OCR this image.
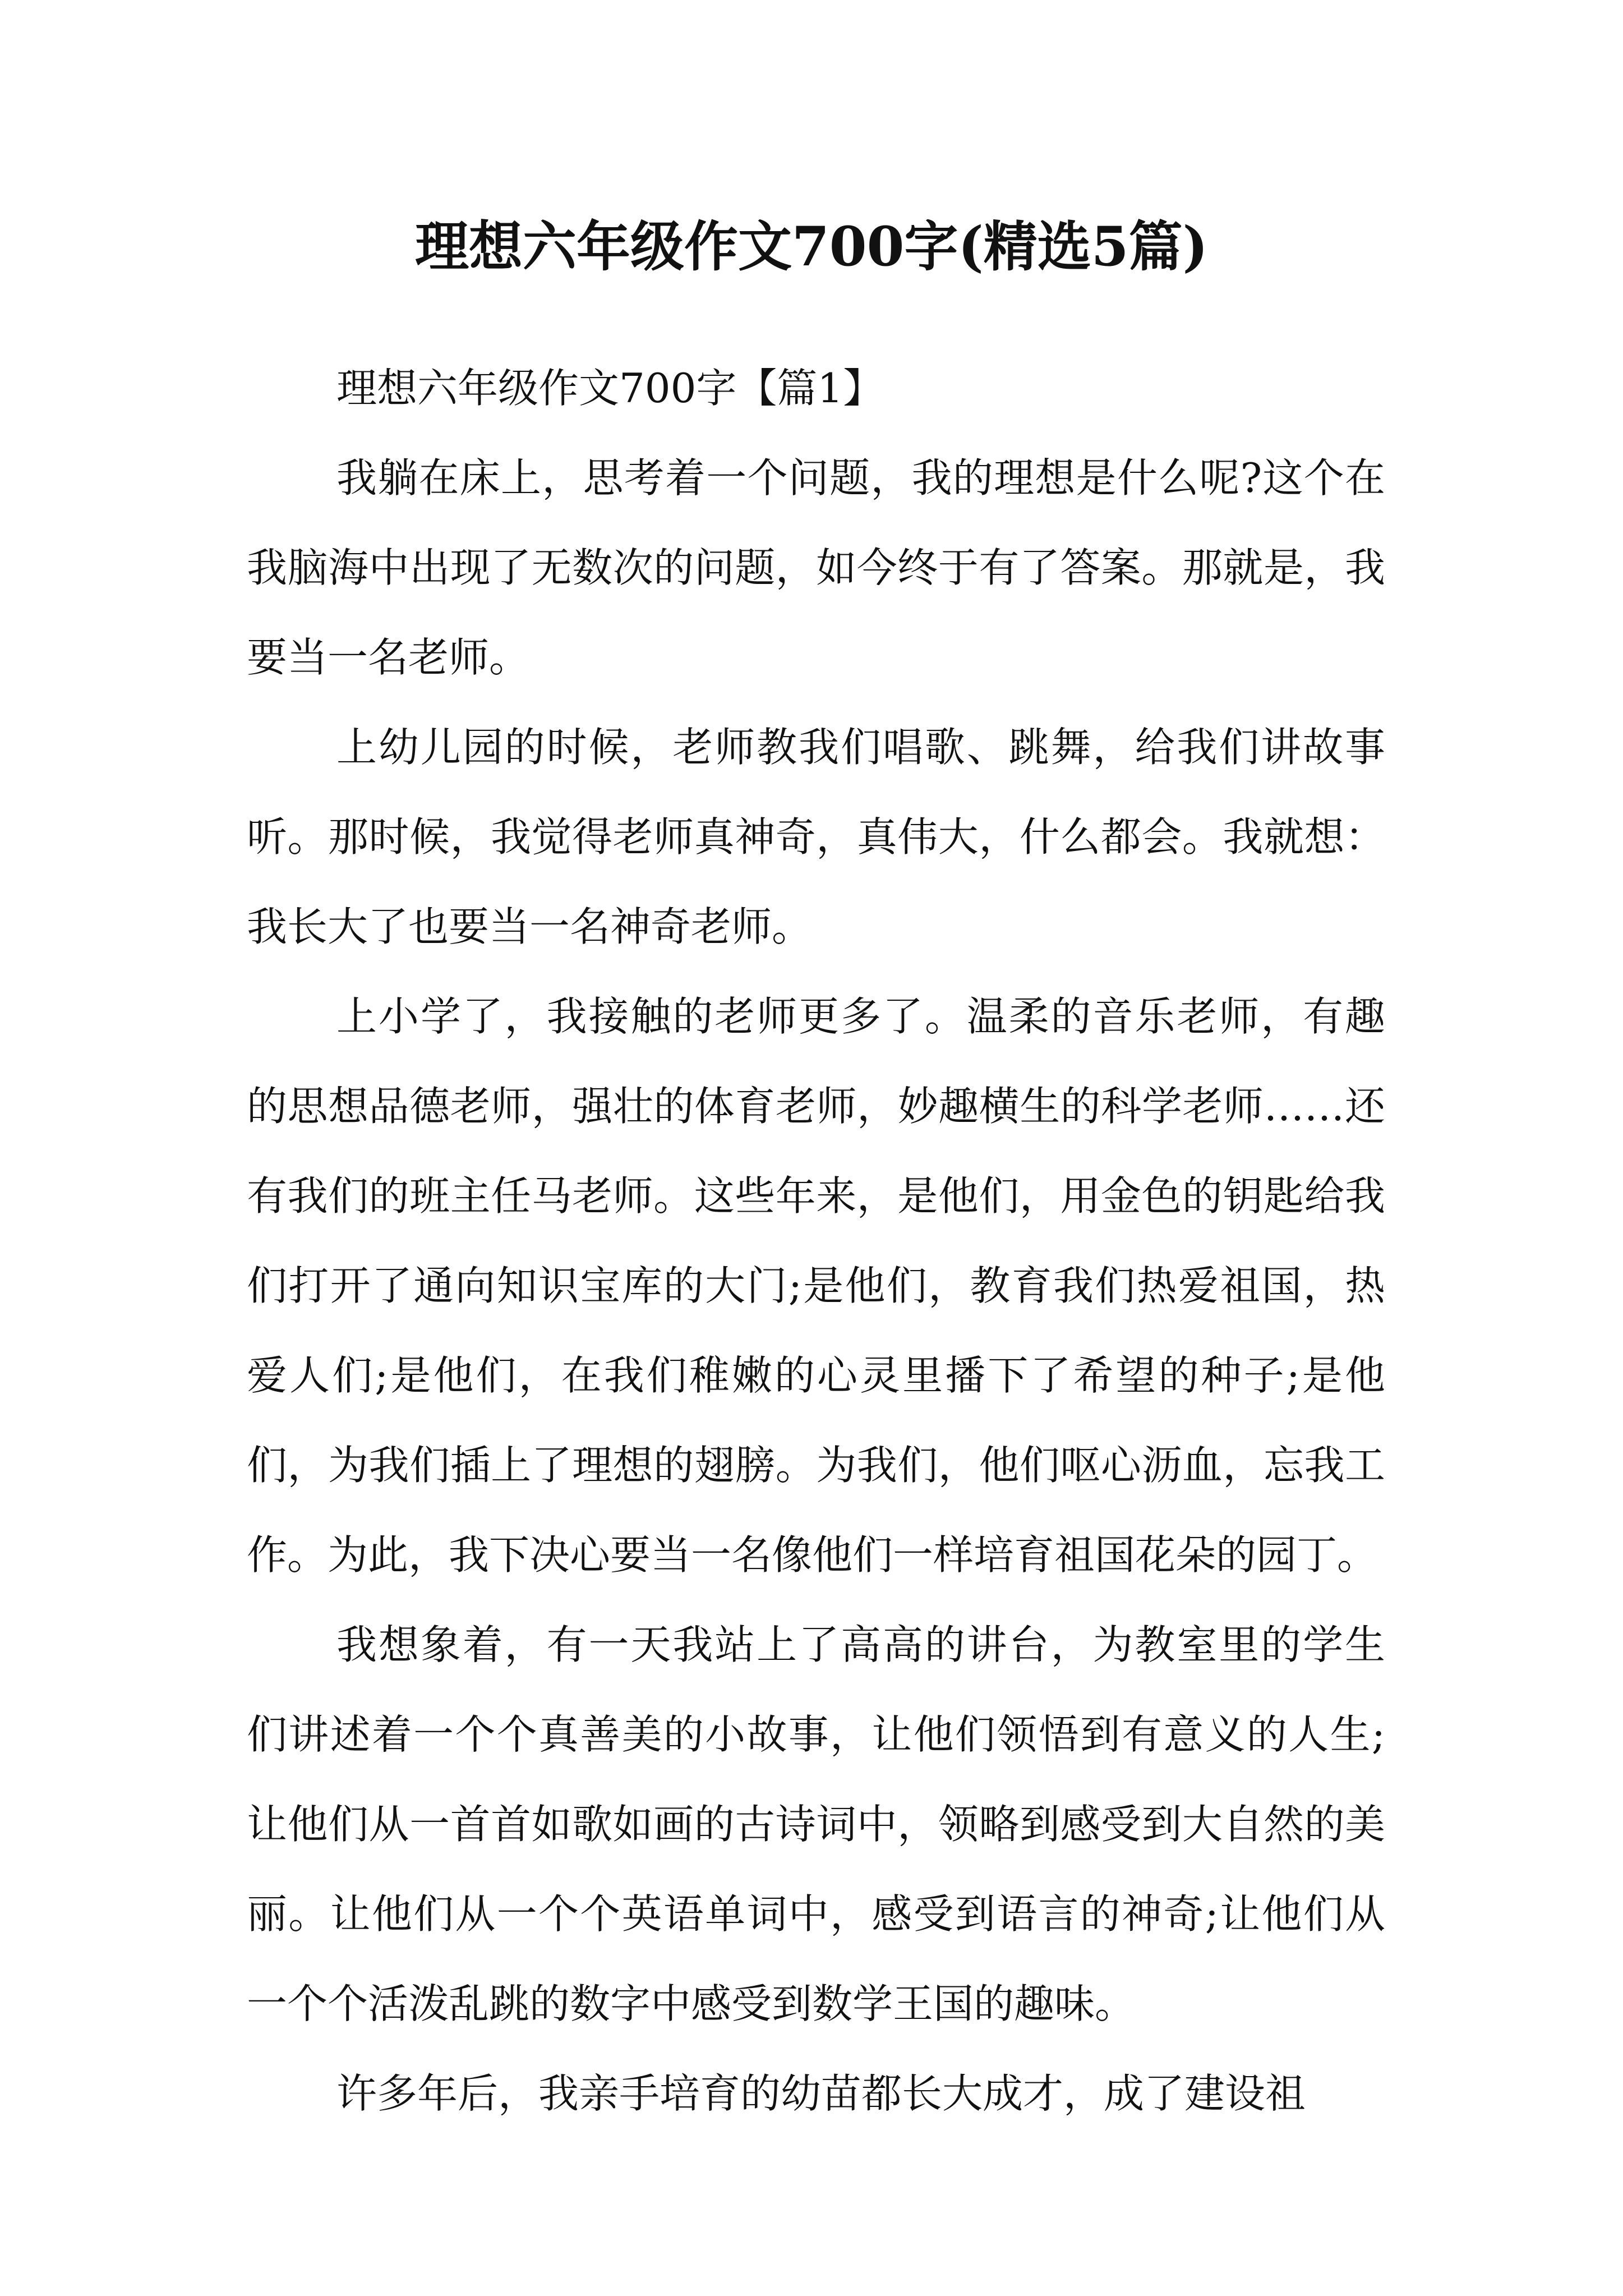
理想六年级作文700字(精选5篇)

理想六年级作文700字【篇1】

我躺在床上，思考着一个问题，我的理想是什么呢?这个在我脑海中出现了无数次的问题，如今终于有了答案。那就是，我要当一名老师。

上幼儿园的时候，老师教我们唱歌、跳舞，给我们讲故事听。那时候，我觉得老师真神奇，真伟大，什么都会。我就想：我长大了也要当一名神奇老师。

上小学了，我接触的老师更多了。温柔的音乐老师，有趣的思想品德老师，强壮的体育老师，妙趣横生的科学老师……还有我们的班主任马老师。这些年来，是他们，用金色的钥匙给我们打开了通向知识宝库的大门;是他们，教育我们热爱祖国，热爱人们;是他们，在我们稚嫩的心灵里播下了希望的种子;是他们，为我们插上了理想的翅膀。为我们，他们呕心沥血，忘我工作。为此，我下决心要当一名像他们一样培育祖国花朵的园丁。

我想象着，有一天我站上了高高的讲台，为教室里的学生们讲述着一个个真善美的小故事，让他们领悟到有意义的人生;让他们从一首首如歌如画的古诗词中，领略到感受到大自然的美丽。让他们从一个个英语单词中，感受到语言的神奇;让他们从一个个活泼乱跳的数字中感受到数学王国的趣味。

许多年后，我亲手培育的幼苗都长大成才，成了建设祖
